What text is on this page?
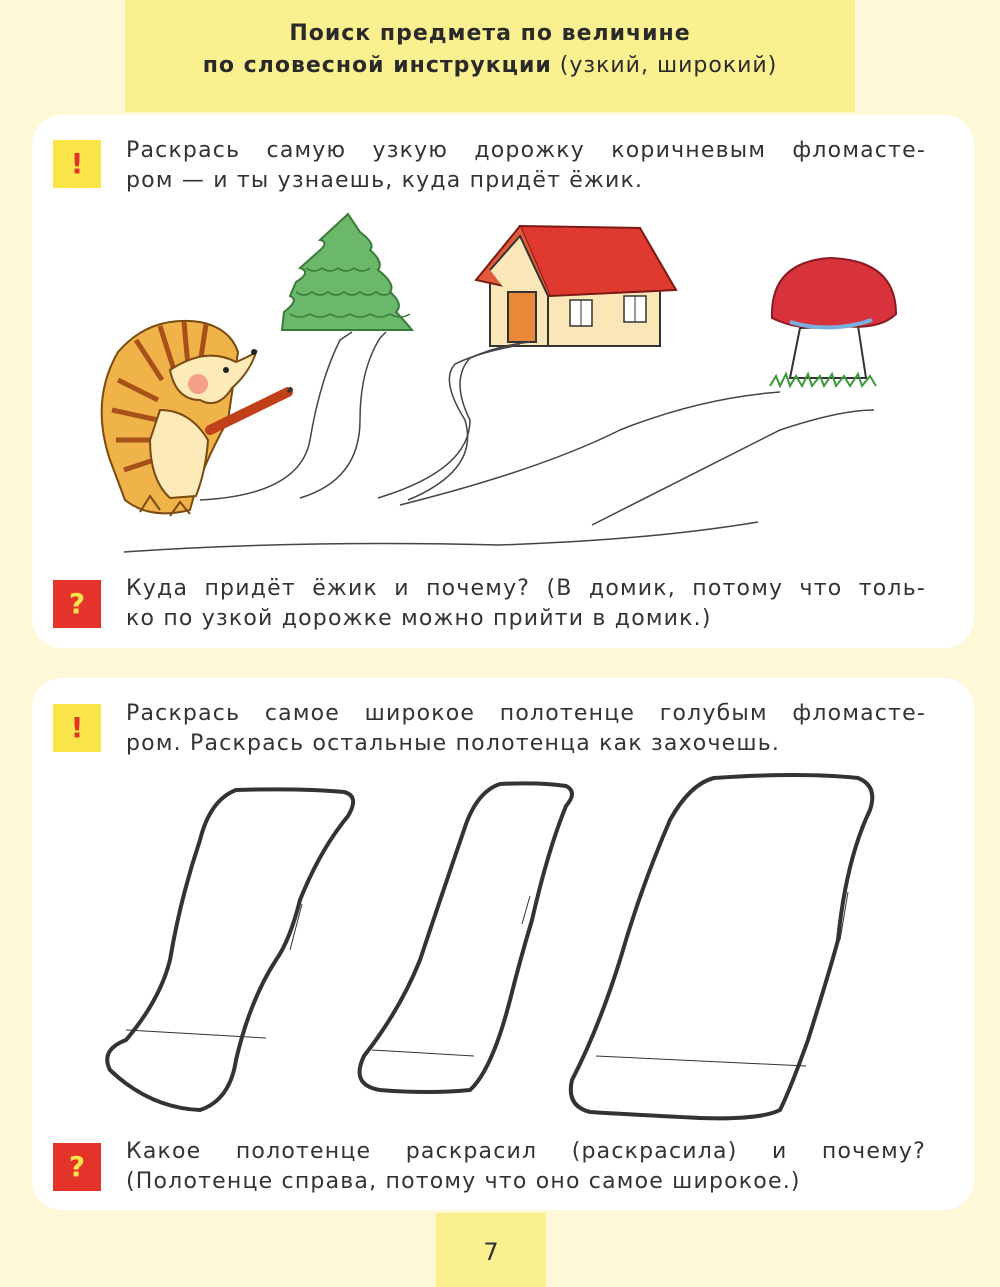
Поиск предмета по величине
по словесной инструкции (узкий, широкий)
!	Раскрась самую узкую дорожку коричневым фломасте-
ром — и ты узнаешь, куда придёт ёжик.
?	Куда придёт ёжик и почему? (В домик, потому что толь-
ко по узкой дорожке можно прийти в домик.)
!	Раскрась самое широкое полотенце голубым фломасте-
ром. Раскрась остальные полотенца как захочешь.
?	Какое полотенце раскрасил (раскрасила) и почему?
(Полотенце справа, потому что оно самое широкое.)
7
